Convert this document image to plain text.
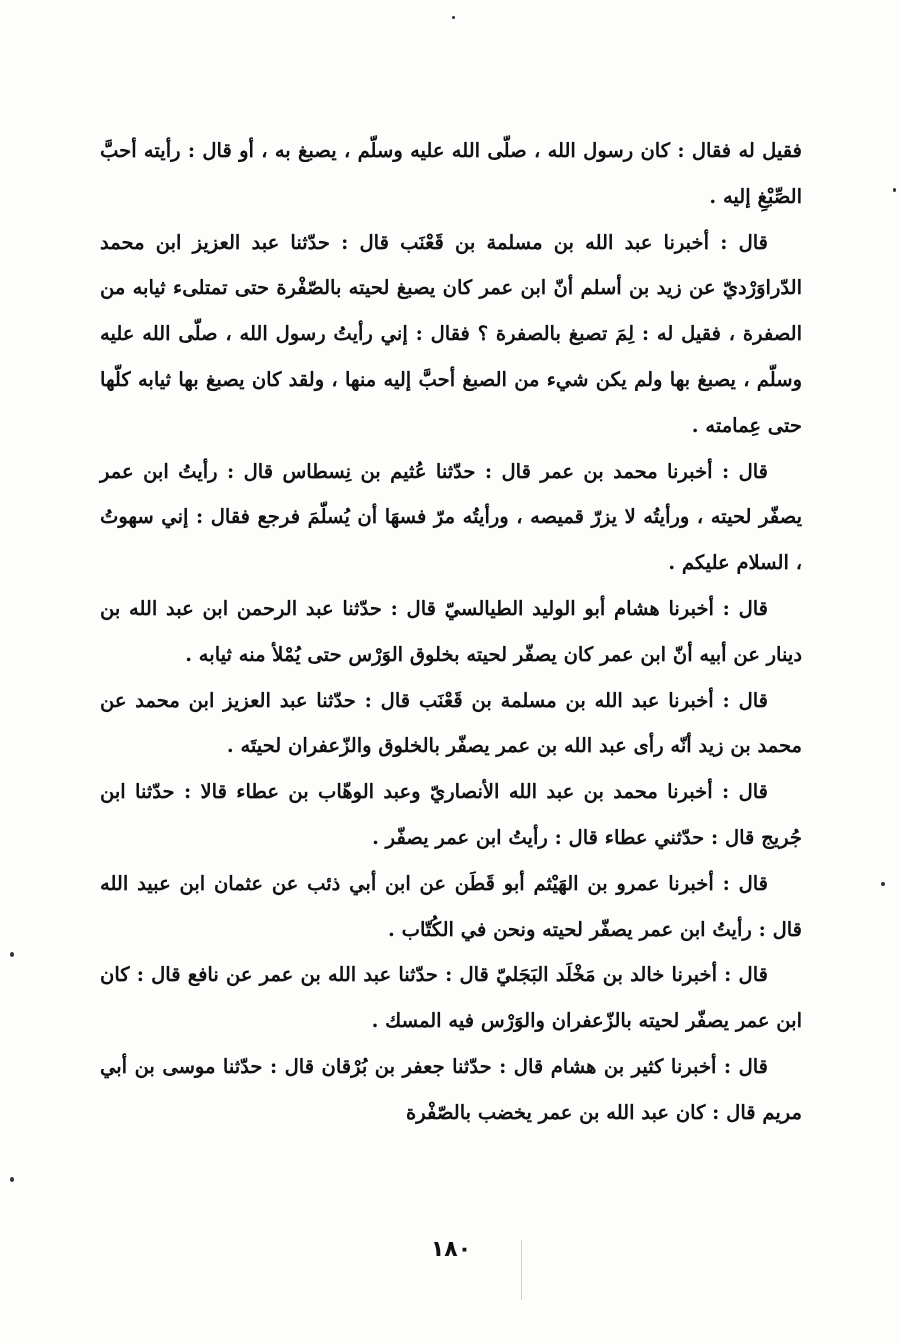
فقيل له فقال : كان رسول الله ، صلّى الله عليه وسلّم ، يصبغ به ، أو قال : رأيته أحبَّ الصِّبْغِ إليه .

قال : أخبرنا عبد الله بن مسلمة بن قَعْنَب قال : حدّثنا عبد العزيز ابن محمد الدّراوَرْديّ عن زيد بن أسلم أنّ ابن عمر كان يصبغ لحيته بالصّفْرة حتى تمتلىء ثيابه من الصفرة ، فقيل له : لِمَ تصبغ بالصفرة ؟ فقال : إني رأيتُ رسول الله ، صلّى الله عليه وسلّم ، يصبغ بها ولم يكن شيء من الصبغ أحبَّ إليه منها ، ولقد كان يصبغ بها ثيابه كلّها حتى عِمامته .

قال : أخبرنا محمد بن عمر قال : حدّثنا عُثيم بن نِسطاس قال : رأيتُ ابن عمر يصفّر لحيته ، ورأيتُه لا يزرّ قميصه ، ورأيتُه مرّ فسهَا أن يُسلّمَ فرجع فقال : إني سهوتُ ، السلام عليكم .

قال : أخبرنا هشام أبو الوليد الطيالسيّ قال : حدّثنا عبد الرحمن ابن عبد الله بن دينار عن أبيه أنّ ابن عمر كان يصفّر لحيته بخلوق الوَرْس حتى يُمْلأ منه ثيابه .

قال : أخبرنا عبد الله بن مسلمة بن قَعْنَب قال : حدّثنا عبد العزيز ابن محمد عن محمد بن زيد أنّه رأى عبد الله بن عمر يصفّر بالخلوق والزّعفران لحيتَه .

قال : أخبرنا محمد بن عبد الله الأنصاريّ وعبد الوهّاب بن عطاء قالا : حدّثنا ابن جُريج قال : حدّثني عطاء قال : رأيتُ ابن عمر يصفّر .

قال : أخبرنا عمرو بن الهَيْثم أبو قَطَن عن ابن أبي ذئب عن عثمان ابن عبيد الله قال : رأيتُ ابن عمر يصفّر لحيته ونحن في الكُتّاب .

قال : أخبرنا خالد بن مَخْلَد البَجَليّ قال : حدّثنا عبد الله بن عمر عن نافع قال : كان ابن عمر يصفّر لحيته بالزّعفران والوَرْس فيه المسك .

قال : أخبرنا كثير بن هشام قال : حدّثنا جعفر بن بُرْقان قال : حدّثنا موسى بن أبي مريم قال : كان عبد الله بن عمر يخضب بالصّفْرة

١٨٠
